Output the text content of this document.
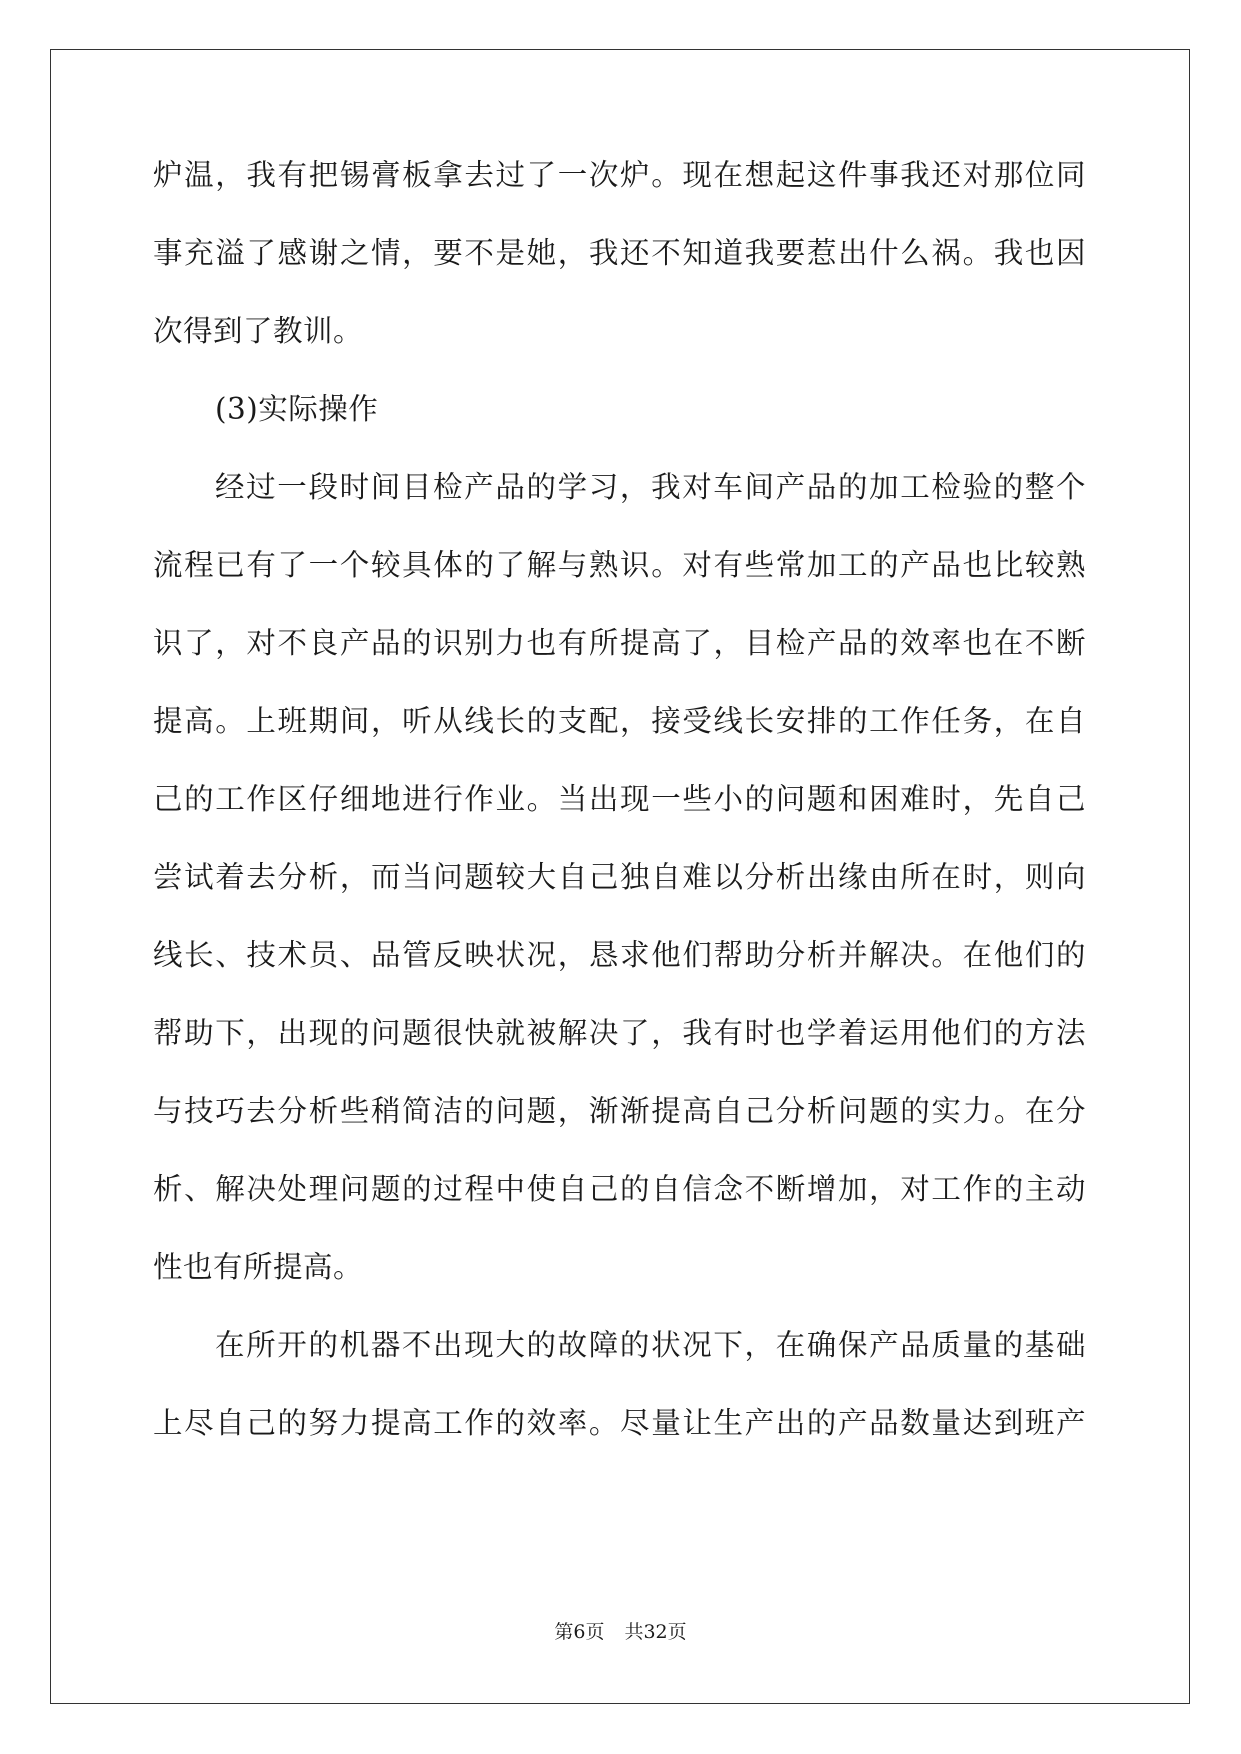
炉温，我有把锡膏板拿去过了一次炉。现在想起这件事我还对那位同
事充溢了感谢之情，要不是她，我还不知道我要惹出什么祸。我也因
次得到了教训。
(3)实际操作
经过一段时间目检产品的学习，我对车间产品的加工检验的整个
流程已有了一个较具体的了解与熟识。对有些常加工的产品也比较熟
识了，对不良产品的识别力也有所提高了，目检产品的效率也在不断
提高。上班期间，听从线长的支配，接受线长安排的工作任务，在自
己的工作区仔细地进行作业。当出现一些小的问题和困难时，先自己
尝试着去分析，而当问题较大自己独自难以分析出缘由所在时，则向
线长、技术员、品管反映状况，恳求他们帮助分析并解决。在他们的
帮助下，出现的问题很快就被解决了，我有时也学着运用他们的方法
与技巧去分析些稍简洁的问题，渐渐提高自己分析问题的实力。在分
析、解决处理问题的过程中使自己的自信念不断增加，对工作的主动
性也有所提高。
在所开的机器不出现大的故障的状况下，在确保产品质量的基础
上尽自己的努力提高工作的效率。尽量让生产出的产品数量达到班产
第6页 共32页
